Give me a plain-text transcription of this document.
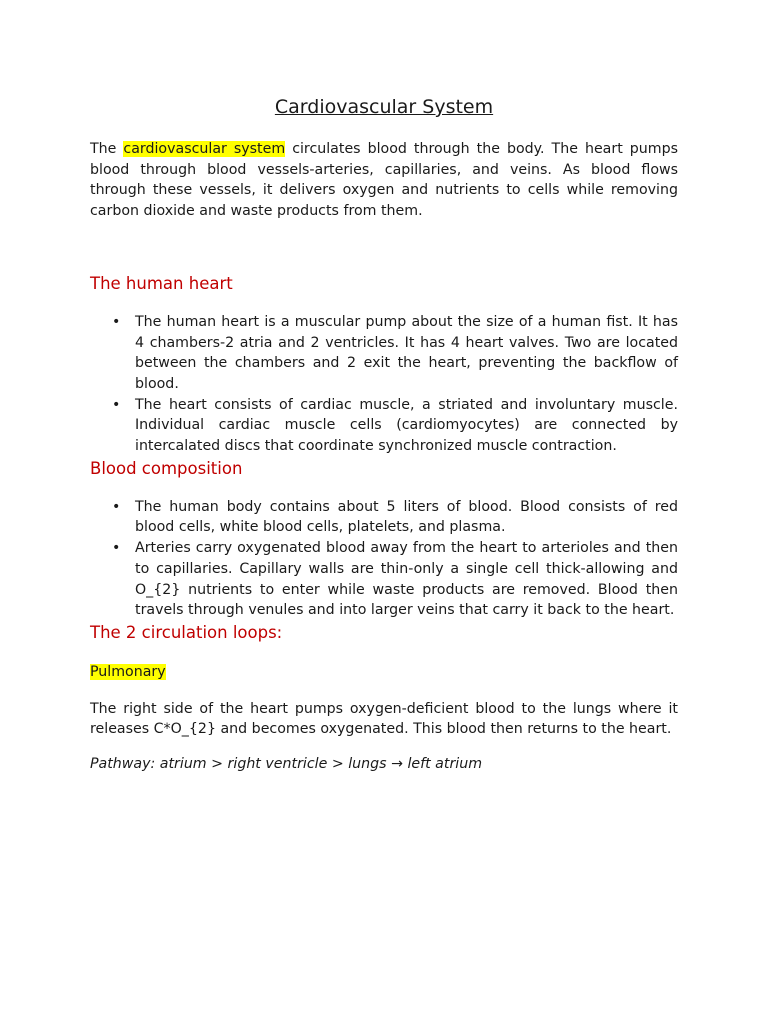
Cardiovascular System

The cardiovascular system circulates blood through the body. The heart pumps blood through blood vessels-arteries, capillaries, and veins. As blood flows through these vessels, it delivers oxygen and nutrients to cells while removing carbon dioxide and waste products from them.

The human heart
• The human heart is a muscular pump about the size of a human fist. It has 4 chambers-2 atria and 2 ventricles. It has 4 heart valves. Two are located between the chambers and 2 exit the heart, preventing the backflow of blood.
• The heart consists of cardiac muscle, a striated and involuntary muscle. Individual cardiac muscle cells (cardiomyocytes) are connected by intercalated discs that coordinate synchronized muscle contraction.
Blood composition
• The human body contains about 5 liters of blood. Blood consists of red blood cells, white blood cells, platelets, and plasma.
• Arteries carry oxygenated blood away from the heart to arterioles and then to capillaries. Capillary walls are thin-only a single cell thick-allowing and O_{2} nutrients to enter while waste products are removed. Blood then travels through venules and into larger veins that carry it back to the heart.
The 2 circulation loops:

Pulmonary

The right side of the heart pumps oxygen-deficient blood to the lungs where it releases C*O_{2} and becomes oxygenated. This blood then returns to the heart.

Pathway: atrium > right ventricle > lungs → left atrium
